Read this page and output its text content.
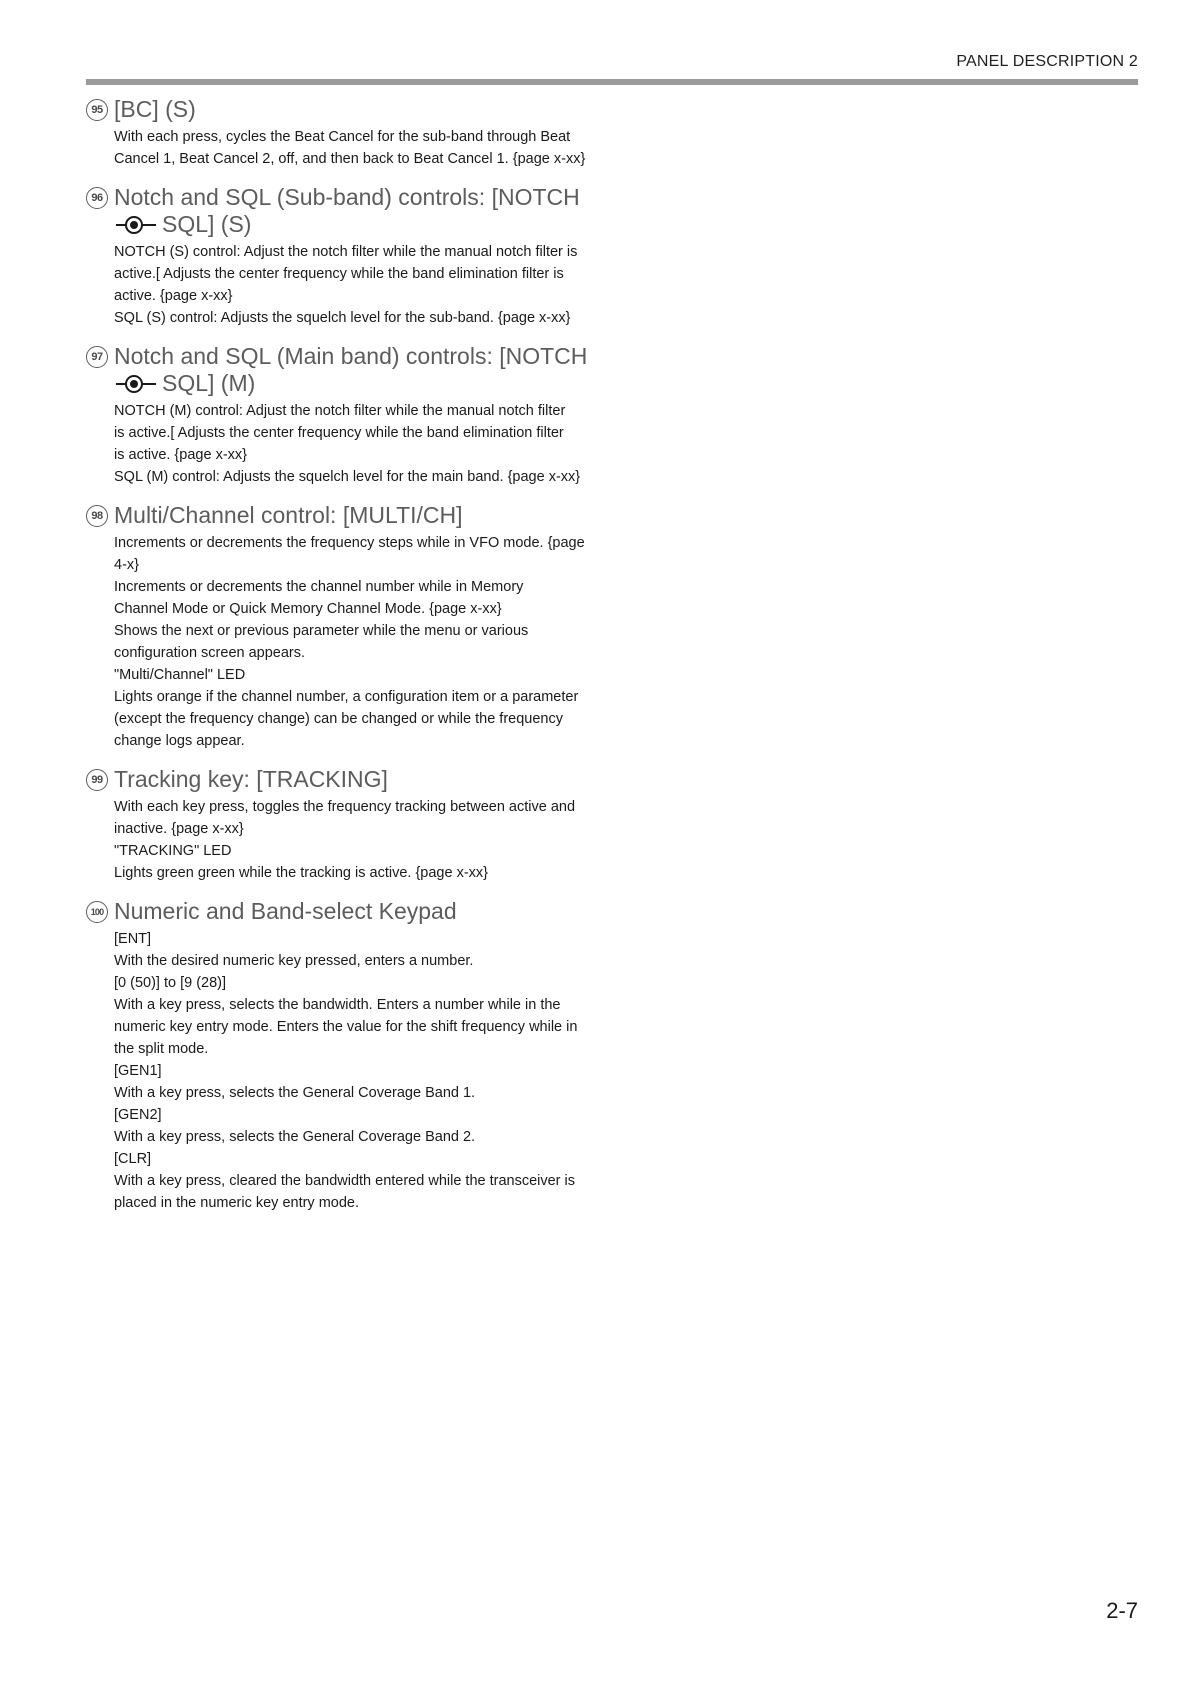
PANEL DESCRIPTION 2
95 [BC] (S)

With each press, cycles the Beat Cancel for the sub-band through Beat

Cancel 1, Beat Cancel 2, off, and then back to Beat Cancel 1. {page x-xx}

96 Notch and SQL (Sub-band) controls: [NOTCH
SQL] (S)

NOTCH (S) control: Adjust the notch filter while the manual notch filter is

active.[ Adjusts the center frequency while the band elimination filter is

active. {page x-xx}

SQL (S) control: Adjusts the squelch level for the sub-band. {page x-xx}

97 Notch and SQL (Main band) controls: [NOTCH
SQL] (M)

NOTCH (M) control: Adjust the notch filter while the manual notch filter

is active.[ Adjusts the center frequency while the band elimination filter

is active. {page x-xx}

SQL (M) control: Adjusts the squelch level for the main band. {page x-xx}

98 Multi/Channel control: [MULTI/CH]

Increments or decrements the frequency steps while in VFO mode. {page

4-x}

Increments or decrements the channel number while in Memory

Channel Mode or Quick Memory Channel Mode. {page x-xx}

Shows the next or previous parameter while the menu or various

configuration screen appears.

"Multi/Channel" LED

Lights orange if the channel number, a configuration item or a parameter

(except the frequency change) can be changed or while the frequency

change logs appear.

99 Tracking key: [TRACKING]

With each key press, toggles the frequency tracking between active and

inactive. {page x-xx}

"TRACKING" LED

Lights green green while the tracking is active. {page x-xx}

100 Numeric and Band-select Keypad

[ENT]

With the desired numeric key pressed, enters a number.

[0 (50)] to [9 (28)]

With a key press, selects the bandwidth. Enters a number while in the

numeric key entry mode. Enters the value for the shift frequency while in

the split mode.

[GEN1]

With a key press, selects the General Coverage Band 1.

[GEN2]

With a key press, selects the General Coverage Band 2.

[CLR]

With a key press, cleared the bandwidth entered while the transceiver is

placed in the numeric key entry mode.

2-7
